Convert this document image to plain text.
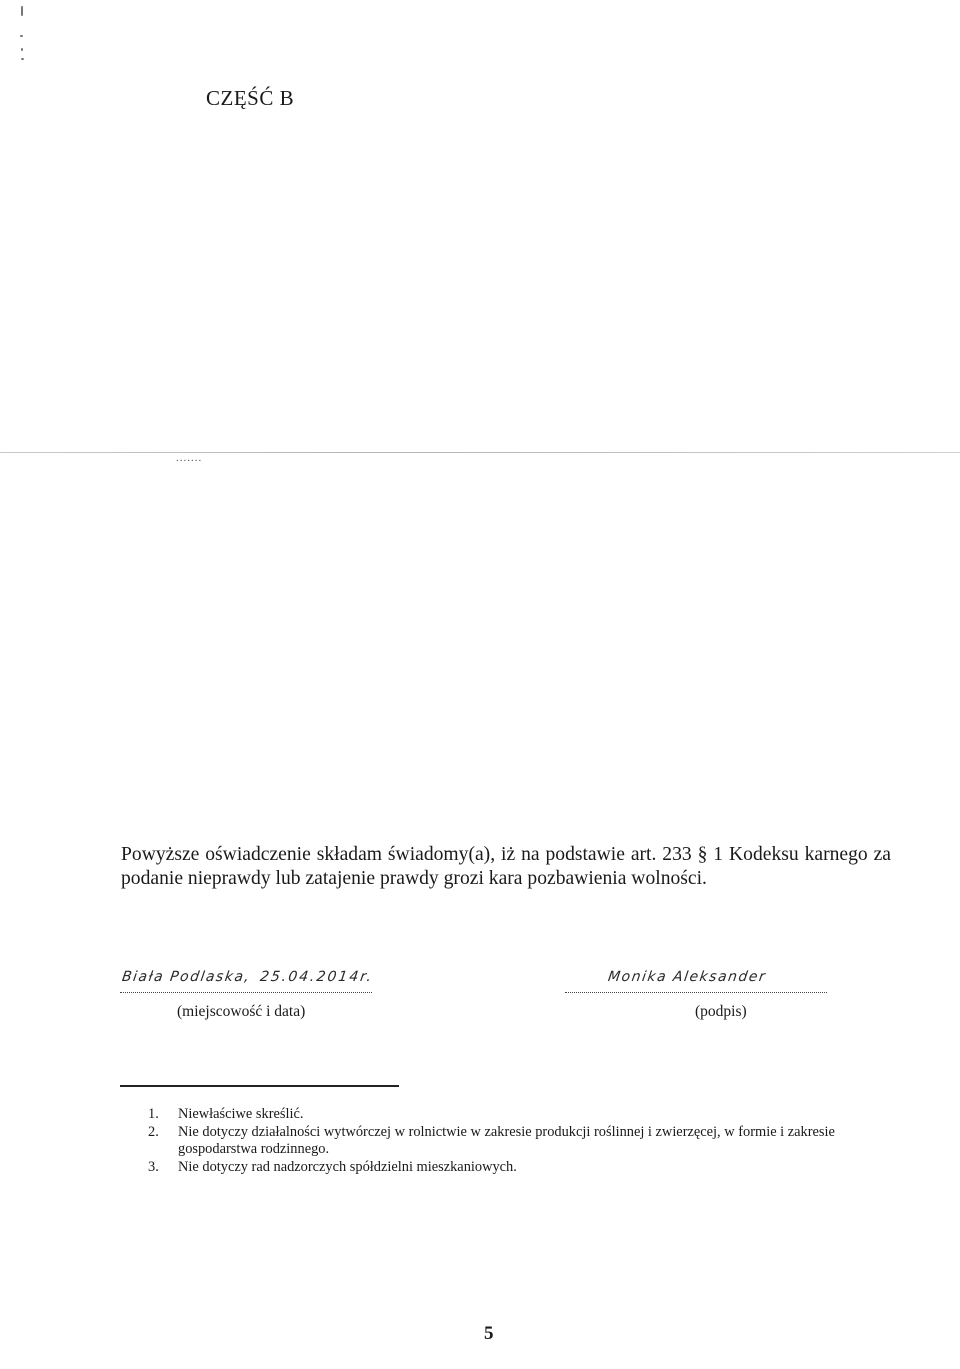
CZĘŚĆ B
.......
Powyższe oświadczenie składam świadomy(a), iż na podstawie art. 233 § 1 Kodeksu karnego za podanie nieprawdy lub zatajenie prawdy grozi kara pozbawienia wolności.
Biała Podlaska, 25.04.2014r.
(miejscowość i data)
Monika Aleksander
(podpis)
1. Niewłaściwe skreślić.
2. Nie dotyczy działalności wytwórczej w rolnictwie w zakresie produkcji roślinnej i zwierzęcej, w formie i zakresie gospodarstwa rodzinnego.
3. Nie dotyczy rad nadzorczych spółdzielni mieszkaniowych.
5
